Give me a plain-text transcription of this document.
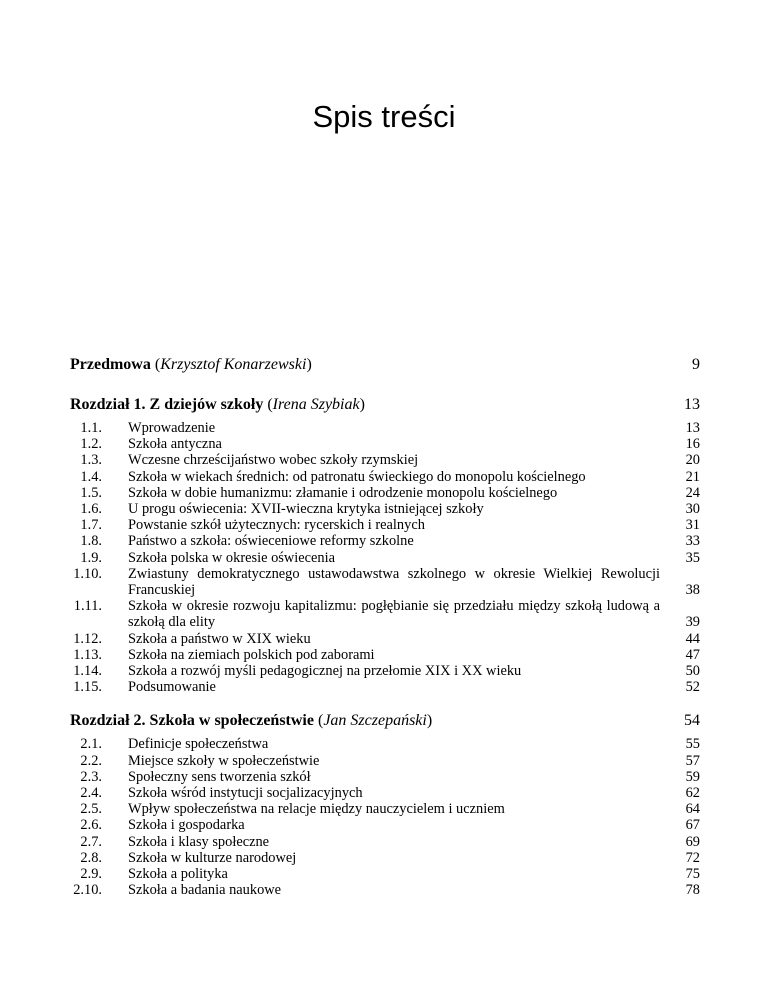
Spis treści
Przedmowa (Krzysztof Konarzewski)	9
Rozdział 1. Z dziejów szkoły (Irena Szybiak)	13
1.1.	Wprowadzenie	13
1.2.	Szkoła antyczna	16
1.3.	Wczesne chrześcijaństwo wobec szkoły rzymskiej	20
1.4.	Szkoła w wiekach średnich: od patronatu świeckiego do monopolu kościelnego	21
1.5.	Szkoła w dobie humanizmu: złamanie i odrodzenie monopolu kościelnego	24
1.6.	U progu oświecenia: XVII-wieczna krytyka istniejącej szkoły	30
1.7.	Powstanie szkół użytecznych: rycerskich i realnych	31
1.8.	Państwo a szkoła: oświeceniowe reformy szkolne	33
1.9.	Szkoła polska w okresie oświecenia	35
1.10.	Zwiastuny demokratycznego ustawodawstwa szkolnego w okresie Wielkiej Rewolucji Francuskiej	38
1.11.	Szkoła w okresie rozwoju kapitalizmu: pogłębianie się przedziału między szkołą ludową a szkołą dla elity	39
1.12.	Szkoła a państwo w XIX wieku	44
1.13.	Szkoła na ziemiach polskich pod zaborami	47
1.14.	Szkoła a rozwój myśli pedagogicznej na przełomie XIX i XX wieku	50
1.15.	Podsumowanie	52
Rozdział 2. Szkoła w społeczeństwie (Jan Szczepański)	54
2.1.	Definicje społeczeństwa	55
2.2.	Miejsce szkoły w społeczeństwie	57
2.3.	Społeczny sens tworzenia szkół	59
2.4.	Szkoła wśród instytucji socjalizacyjnych	62
2.5.	Wpływ społeczeństwa na relacje między nauczycielem i uczniem	64
2.6.	Szkoła i gospodarka	67
2.7.	Szkoła i klasy społeczne	69
2.8.	Szkoła w kulturze narodowej	72
2.9.	Szkoła a polityka	75
2.10.	Szkoła a badania naukowe	78
